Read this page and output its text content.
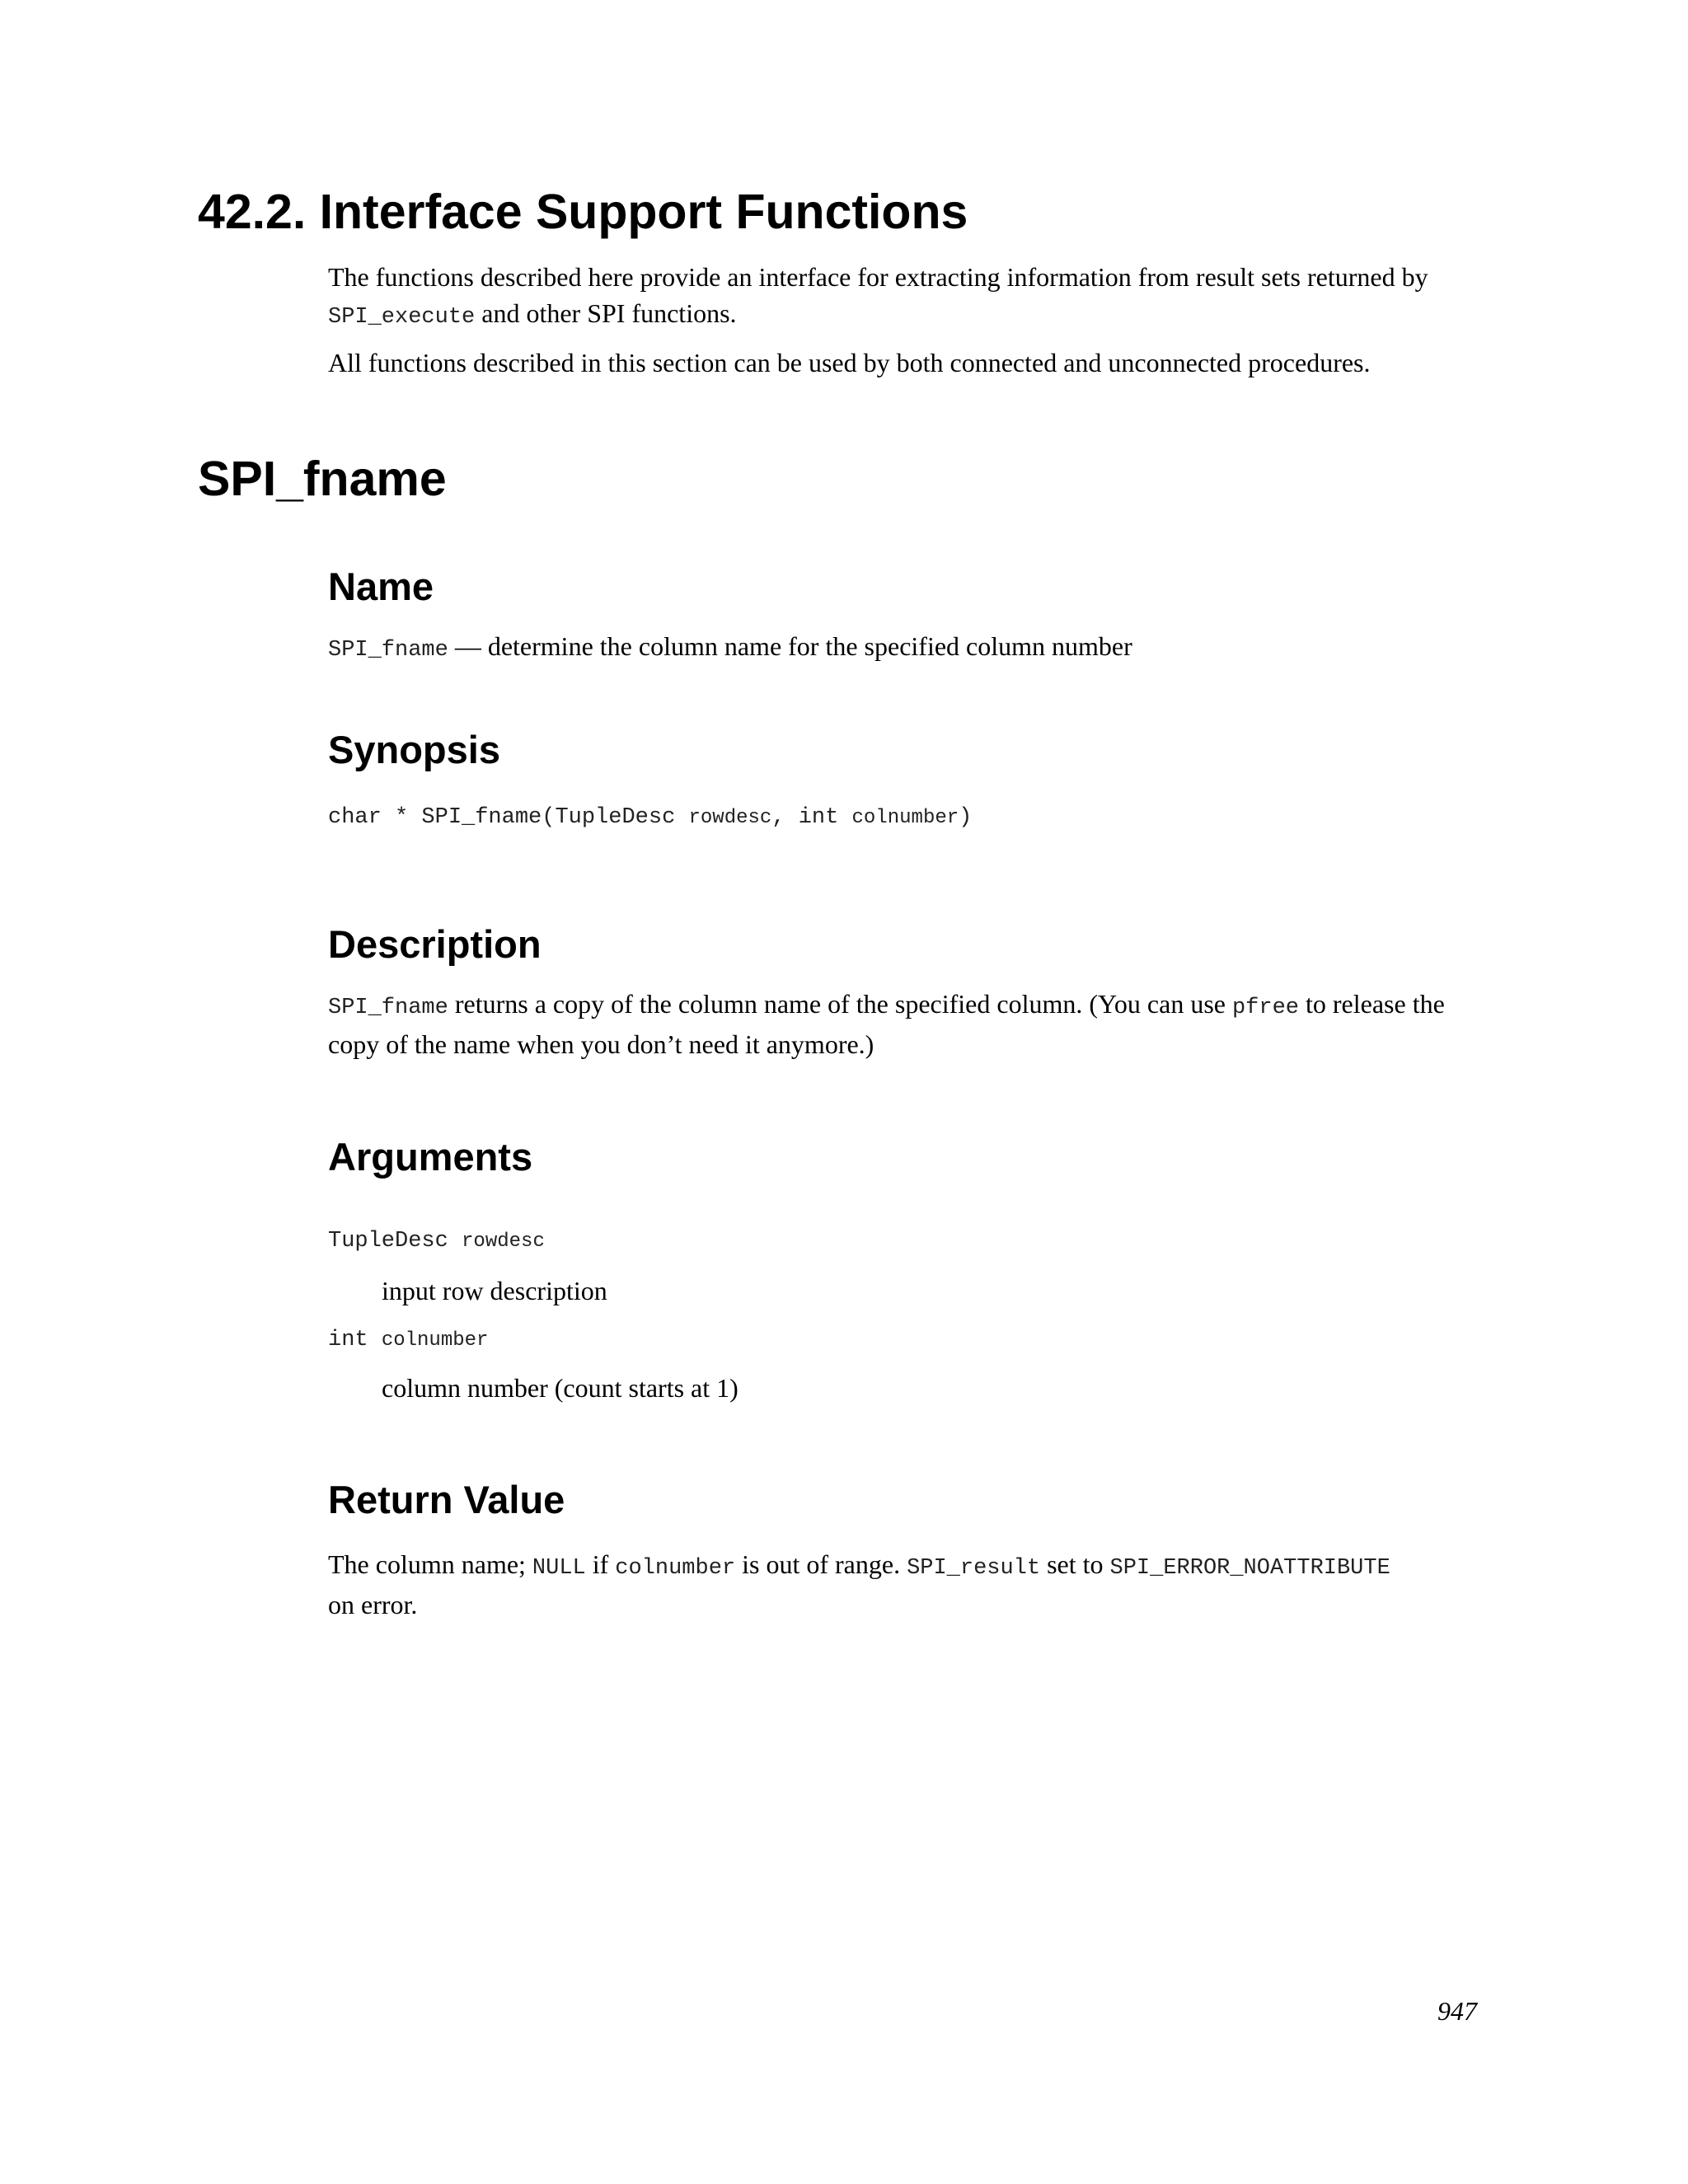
42.2. Interface Support Functions

The functions described here provide an interface for extracting information from result sets returned by
SPI_execute and other SPI functions.

All functions described in this section can be used by both connected and unconnected procedures.

SPI_fname
Name

SPI_fname — determine the column name for the specified column number

Synopsis

char * SPI_fname(TupleDesc rowdesc, int colnumber)

Description

SPI_fname returns a copy of the column name of the specified column. (You can use pfree to release the copy of the name when you don’t need it anymore.)

Arguments

TupleDesc rowdesc

input row description

int colnumber

column number (count starts at 1)

Return Value

The column name; NULL if colnumber is out of range. SPI_result set to SPI_ERROR_NOATTRIBUTE
on error.

947
